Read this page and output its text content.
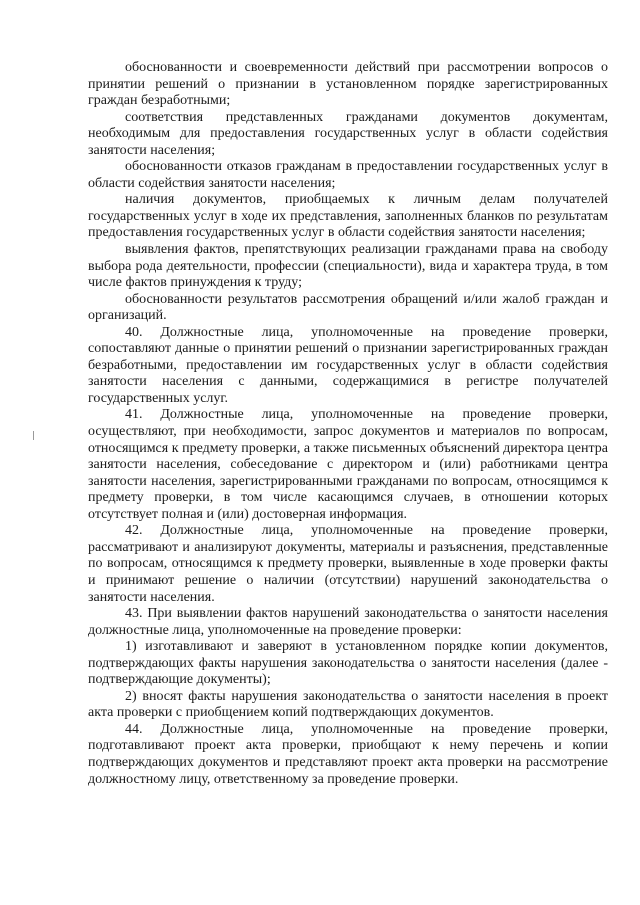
обоснованности и своевременности действий при рассмотрении вопросов о принятии решений о признании в установленном порядке зарегистрированных граждан безработными;

соответствия представленных гражданами документов документам, необходимым для предоставления государственных услуг в области содействия занятости населения;

обоснованности отказов гражданам в предоставлении государственных услуг в области содействия занятости населения;

наличия документов, приобщаемых к личным делам получателей государственных услуг в ходе их представления, заполненных бланков по результатам предоставления государственных услуг в области содействия занятости населения;

выявления фактов, препятствующих реализации гражданами права на свободу выбора рода деятельности, профессии (специальности), вида и характера труда, в том числе фактов принуждения к труду;

обоснованности результатов рассмотрения обращений и/или жалоб граждан и организаций.

40. Должностные лица, уполномоченные на проведение проверки, сопоставляют данные о принятии решений о признании зарегистрированных граждан безработными, предоставлении им государственных услуг в области содействия занятости населения с данными, содержащимися в регистре получателей государственных услуг.

41. Должностные лица, уполномоченные на проведение проверки, осуществляют, при необходимости, запрос документов и материалов по вопросам, относящимся к предмету проверки, а также письменных объяснений директора центра занятости населения, собеседование с директором и (или) работниками центра занятости населения, зарегистрированными гражданами по вопросам, относящимся к предмету проверки, в том числе касающимся случаев, в отношении которых отсутствует полная и (или) достоверная информация.

42. Должностные лица, уполномоченные на проведение проверки, рассматривают и анализируют документы, материалы и разъяснения, представленные по вопросам, относящимся к предмету проверки, выявленные в ходе проверки факты и принимают решение о наличии (отсутствии) нарушений законодательства о занятости населения.

43. При выявлении фактов нарушений законодательства о занятости населения должностные лица, уполномоченные на проведение проверки:

1) изготавливают и заверяют в установленном порядке копии документов, подтверждающих факты нарушения законодательства о занятости населения (далее - подтверждающие документы);

2) вносят факты нарушения законодательства о занятости населения в проект акта проверки с приобщением копий подтверждающих документов.

44. Должностные лица, уполномоченные на проведение проверки, подготавливают проект акта проверки, приобщают к нему перечень и копии подтверждающих документов и представляют проект акта проверки на рассмотрение должностному лицу, ответственному за проведение проверки.
